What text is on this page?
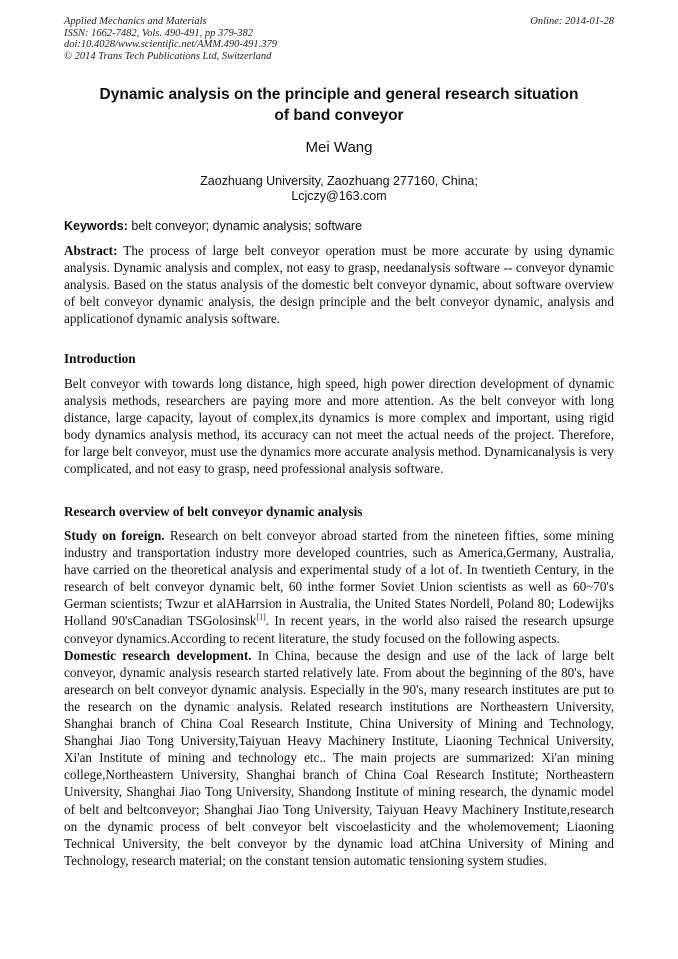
Applied Mechanics and Materials
ISSN: 1662-7482, Vols. 490-491, pp 379-382
doi:10.4028/www.scientific.net/AMM.490-491.379
© 2014 Trans Tech Publications Ltd, Switzerland
Online: 2014-01-28
Dynamic analysis on the principle and general research situation
of band conveyor
Mei Wang
Zaozhuang University, Zaozhuang 277160, China;
Lcjczy@163.com
Keywords: belt conveyor; dynamic analysis; software
Abstract: The process of large belt conveyor operation must be more accurate by using dynamic analysis. Dynamic analysis and complex, not easy to grasp, needanalysis software -- conveyor dynamic analysis. Based on the status analysis of the domestic belt conveyor dynamic, about software overview of belt conveyor dynamic analysis, the design principle and the belt conveyor dynamic, analysis and applicationof dynamic analysis software.
Introduction
Belt conveyor with towards long distance, high speed, high power direction development of dynamic analysis methods, researchers are paying more and more attention. As the belt conveyor with long distance, large capacity, layout of complex,its dynamics is more complex and important, using rigid body dynamics analysis method, its accuracy can not meet the actual needs of the project. Therefore, for large belt conveyor, must use the dynamics more accurate analysis method. Dynamicanalysis is very complicated, and not easy to grasp, need professional analysis software.
Research overview of belt conveyor dynamic analysis
Study on foreign. Research on belt conveyor abroad started from the nineteen fifties, some mining industry and transportation industry more developed countries, such as America,Germany, Australia, have carried on the theoretical analysis and experimental study of a lot of. In twentieth Century, in the research of belt conveyor dynamic belt, 60 inthe former Soviet Union scientists as well as 60~70's German scientists; Twzur et alAHarrsion in Australia, the United States Nordell, Poland 80; Lodewijks Holland 90'sCanadian TSGolosinsk[1]. In recent years, in the world also raised the research upsurge conveyor dynamics.According to recent literature, the study focused on the following aspects.
Domestic research development. In China, because the design and use of the lack of large belt conveyor, dynamic analysis research started relatively late. From about the beginning of the 80's, have aresearch on belt conveyor dynamic analysis. Especially in the 90's, many research institutes are put to the research on the dynamic analysis. Related research institutions are Northeastern University, Shanghai branch of China Coal Research Institute, China University of Mining and Technology, Shanghai Jiao Tong University,Taiyuan Heavy Machinery Institute, Liaoning Technical University, Xi'an Institute of mining and technology etc.. The main projects are summarized: Xi'an mining college,Northeastern University, Shanghai branch of China Coal Research Institute; Northeastern University, Shanghai Jiao Tong University, Shandong Institute of mining research, the dynamic model of belt and beltconveyor; Shanghai Jiao Tong University, Taiyuan Heavy Machinery Institute,research on the dynamic process of belt conveyor belt viscoelasticity and the wholemovement; Liaoning Technical University, the belt conveyor by the dynamic load atChina University of Mining and Technology, research material; on the constant tension automatic tensioning system studies.
